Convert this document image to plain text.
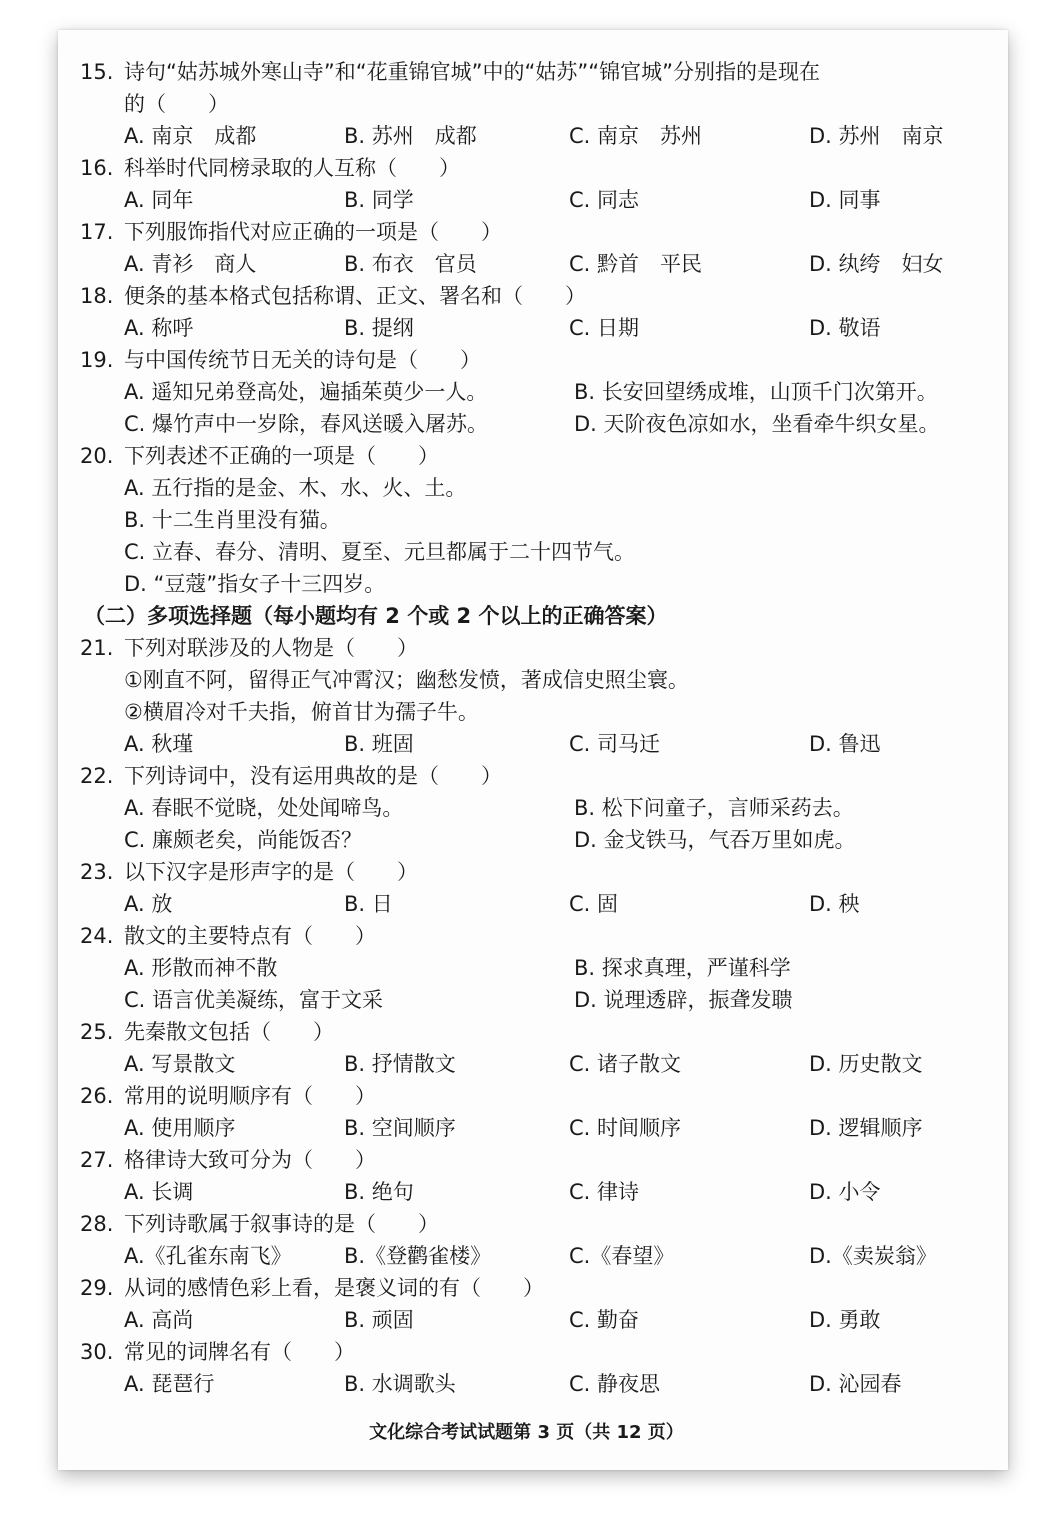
15. 诗句“姑苏城外寒山寺”和“花重锦官城”中的“姑苏”“锦官城”分别指的是现在
的（　　）
A. 南京　成都	B. 苏州　成都	C. 南京　苏州	D. 苏州　南京
16. 科举时代同榜录取的人互称（　　）
A. 同年	B. 同学	C. 同志	D. 同事
17. 下列服饰指代对应正确的一项是（　　）
A. 青衫　商人	B. 布衣　官员	C. 黔首　平民	D. 纨绔　妇女
18. 便条的基本格式包括称谓、正文、署名和（　　）
A. 称呼	B. 提纲	C. 日期	D. 敬语
19. 与中国传统节日无关的诗句是（　　）
A. 遥知兄弟登高处，遍插茱萸少一人。	B. 长安回望绣成堆，山顶千门次第开。
C. 爆竹声中一岁除，春风送暖入屠苏。	D. 天阶夜色凉如水，坐看牵牛织女星。
20. 下列表述不正确的一项是（　　）
A. 五行指的是金、木、水、火、土。
B. 十二生肖里没有猫。
C. 立春、春分、清明、夏至、元旦都属于二十四节气。
D. “豆蔻”指女子十三四岁。
（二）多项选择题（每小题均有 2 个或 2 个以上的正确答案）
21. 下列对联涉及的人物是（　　）
①刚直不阿，留得正气冲霄汉；幽愁发愤，著成信史照尘寰。
②横眉冷对千夫指，俯首甘为孺子牛。
A. 秋瑾	B. 班固	C. 司马迁	D. 鲁迅
22. 下列诗词中，没有运用典故的是（　　）
A. 春眠不觉晓，处处闻啼鸟。	B. 松下问童子，言师采药去。
C. 廉颇老矣，尚能饭否？	D. 金戈铁马，气吞万里如虎。
23. 以下汉字是形声字的是（　　）
A. 放	B. 日	C. 固	D. 秧
24. 散文的主要特点有（　　）
A. 形散而神不散	B. 探求真理，严谨科学
C. 语言优美凝练，富于文采	D. 说理透辟，振聋发聩
25. 先秦散文包括（　　）
A. 写景散文	B. 抒情散文	C. 诸子散文	D. 历史散文
26. 常用的说明顺序有（　　）
A. 使用顺序	B. 空间顺序	C. 时间顺序	D. 逻辑顺序
27. 格律诗大致可分为（　　）
A. 长调	B. 绝句	C. 律诗	D. 小令
28. 下列诗歌属于叙事诗的是（　　）
A.《孔雀东南飞》	B.《登鹳雀楼》	C.《春望》	D.《卖炭翁》
29. 从词的感情色彩上看，是褒义词的有（　　）
A. 高尚	B. 顽固	C. 勤奋	D. 勇敢
30. 常见的词牌名有（　　）
A. 琵琶行	B. 水调歌头	C. 静夜思	D. 沁园春
文化综合考试试题第 3 页（共 12 页）
